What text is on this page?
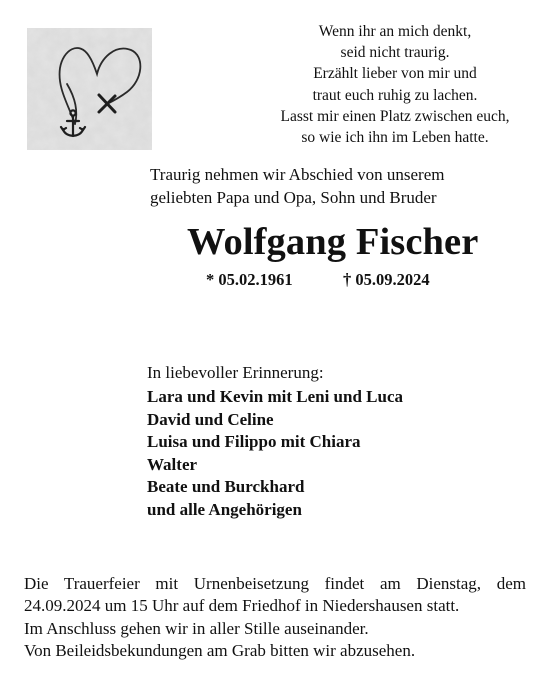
Wenn ihr an mich denkt,
seid nicht traurig.
Erzählt lieber von mir und
traut euch ruhig zu lachen.
Lasst mir einen Platz zwischen euch,
so wie ich ihn im Leben hatte.
Traurig nehmen wir Abschied von unserem
geliebten Papa und Opa, Sohn und Bruder
Wolfgang Fischer
* 05.02.1961	† 05.09.2024
In liebevoller Erinnerung:
Lara und Kevin mit Leni und Luca
David und Celine
Luisa und Filippo mit Chiara
Walter
Beate und Burckhard
und alle Angehörigen
Die Trauerfeier mit Urnenbeisetzung findet am Dienstag, dem
24.09.2024 um 15 Uhr auf dem Friedhof in Niedershausen statt.
Im Anschluss gehen wir in aller Stille auseinander.
Von Beileidsbekundungen am Grab bitten wir abzusehen.
